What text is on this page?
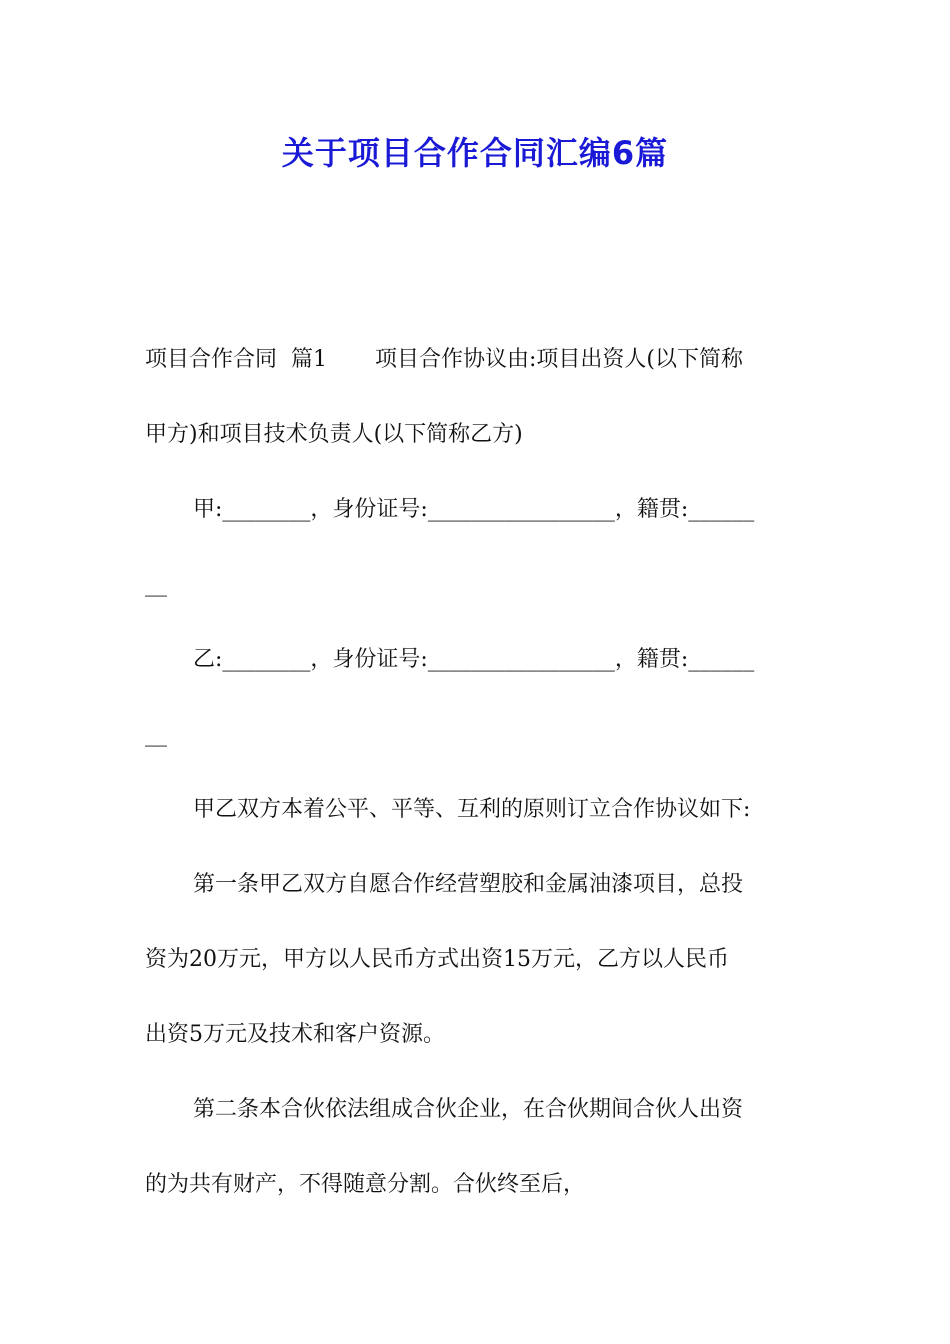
关于项目合作合同汇编6篇
项目合作合同  篇1 项目合作协议由:项目出资人(以下简称
甲方)和项目技术负责人(以下简称乙方)
甲:________，身份证号:_________________，籍贯:______
__
乙:________，身份证号:_________________，籍贯:______
__
甲乙双方本着公平、平等、互利的原则订立合作协议如下:
第一条甲乙双方自愿合作经营塑胶和金属油漆项目，总投
资为20万元，甲方以人民币方式出资15万元，乙方以人民币
出资5万元及技术和客户资源。
第二条本合伙依法组成合伙企业，在合伙期间合伙人出资
的为共有财产，不得随意分割。合伙终至后，
